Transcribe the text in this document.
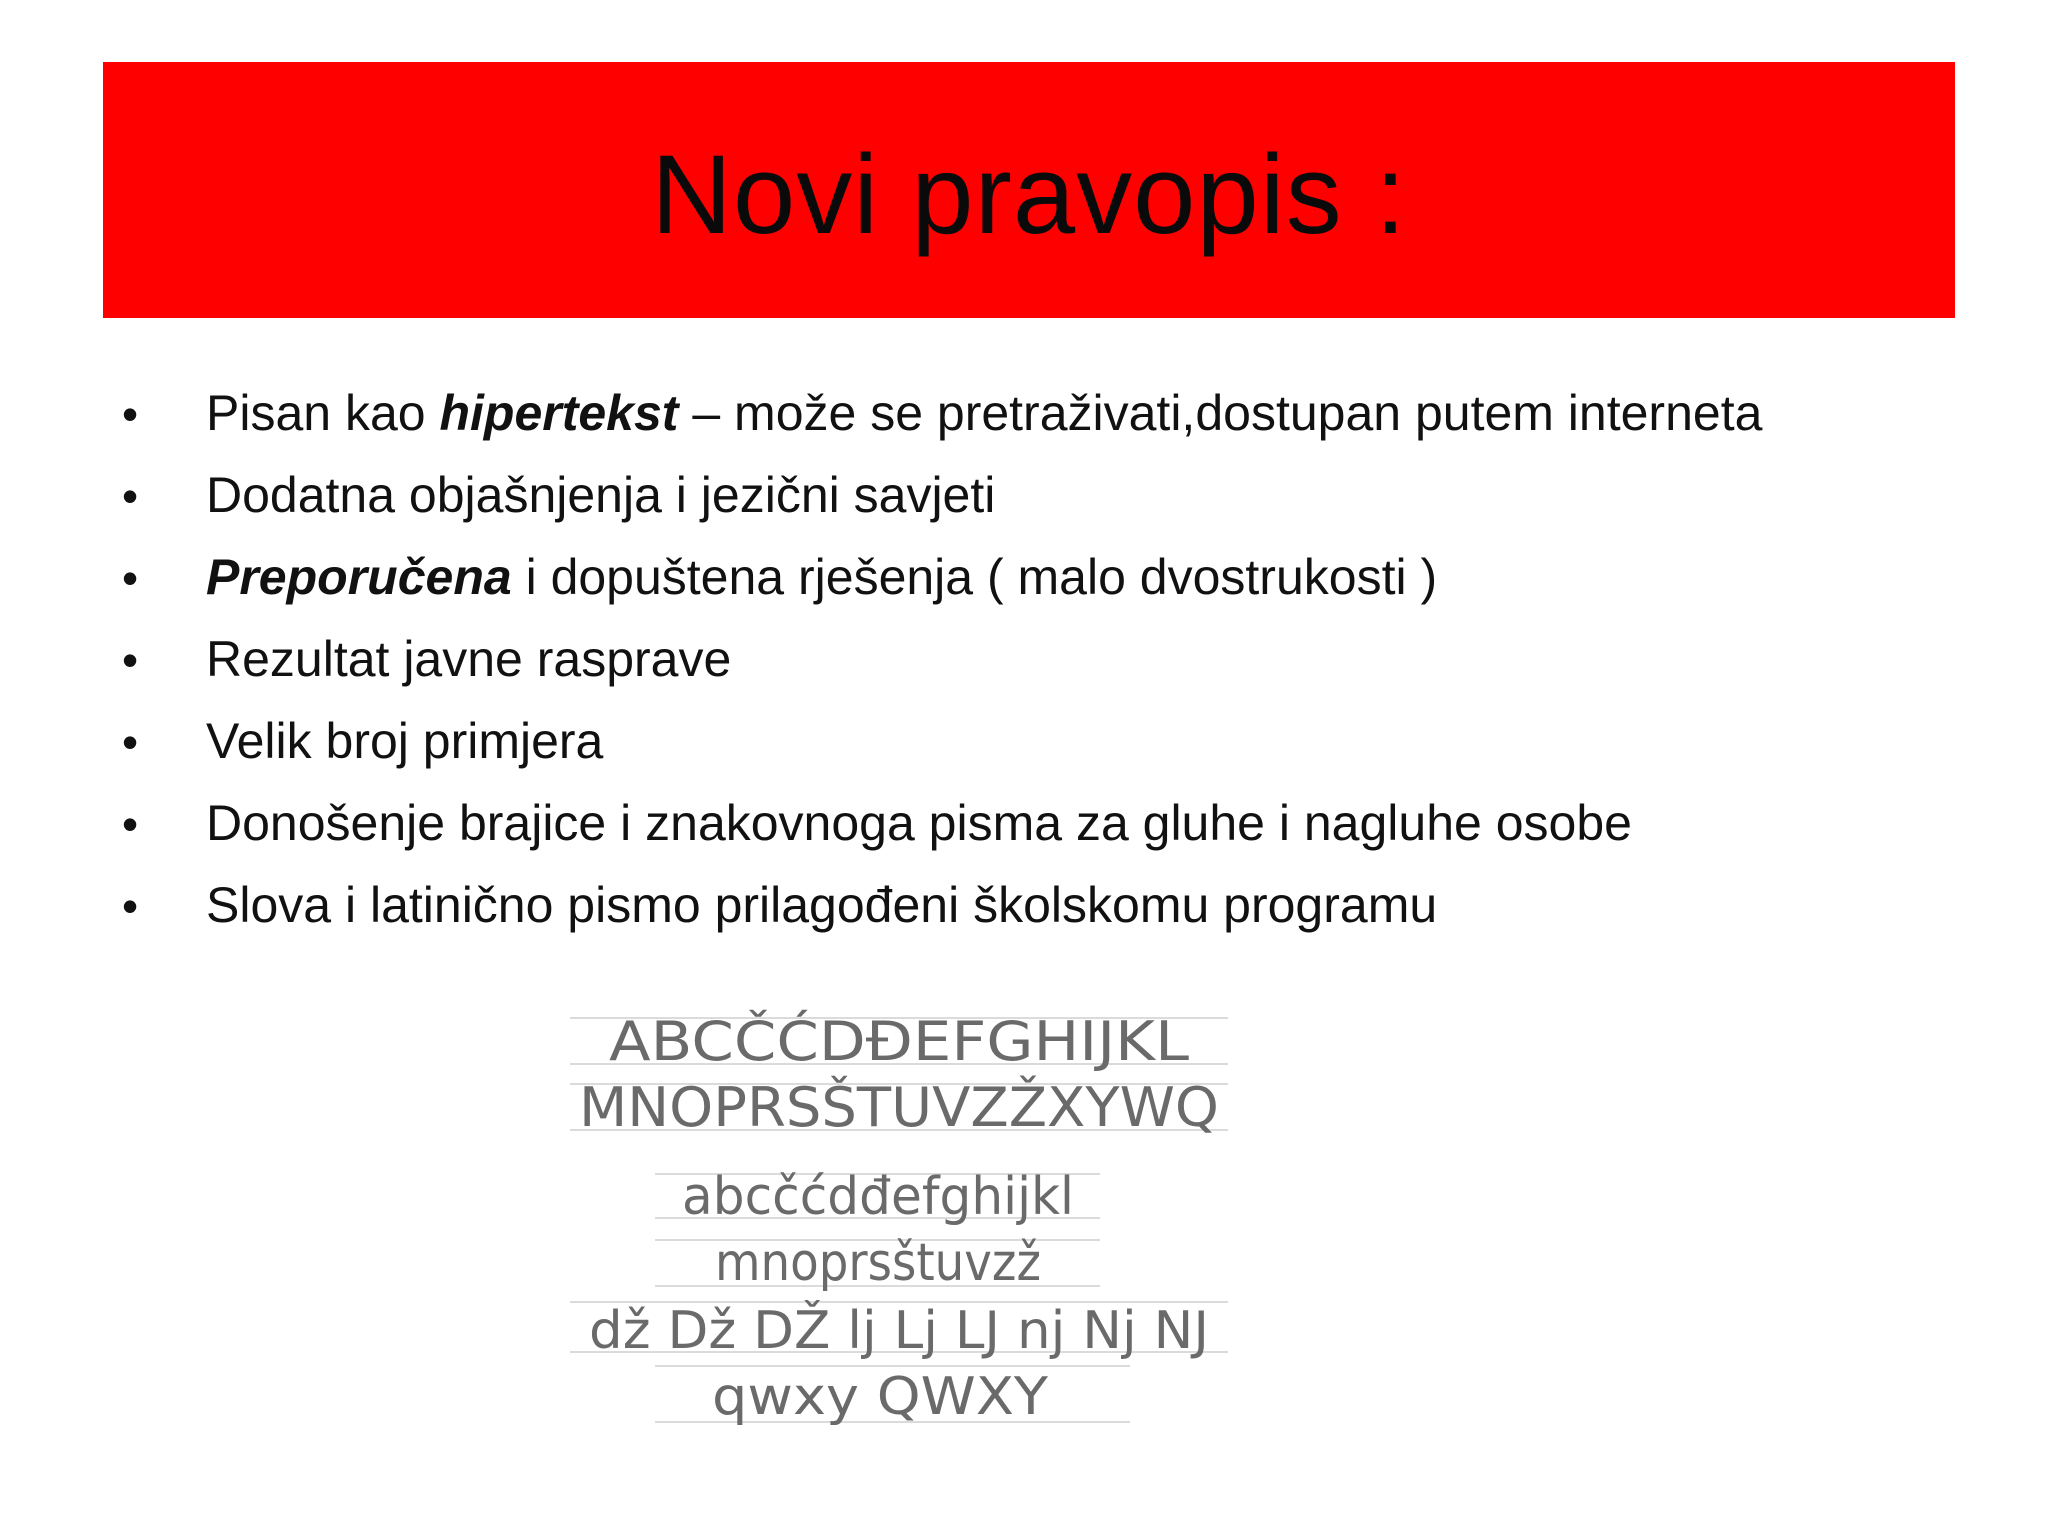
Novi pravopis :
•	Pisan kao hipertekst – može se pretraživati,dostupan putem interneta
•	Dodatna objašnjenja i jezični savjeti
•	Preporučena i dopuštena rješenja ( malo dvostrukosti )
•	Rezultat javne rasprave
•	Velik broj primjera
•	Donošenje brajice i znakovnoga pisma za gluhe i nagluhe osobe
•	Slova i latinično pismo prilagođeni školskomu programu
ABCČĆDĐEFGHIJKL
MNOPRSŠTUVZŽXYWQ
abcčćdđefghijkl
mnoprsštuvzž
dž Dž DŽ lj Lj LJ nj Nj NJ
qwxy QWXY
